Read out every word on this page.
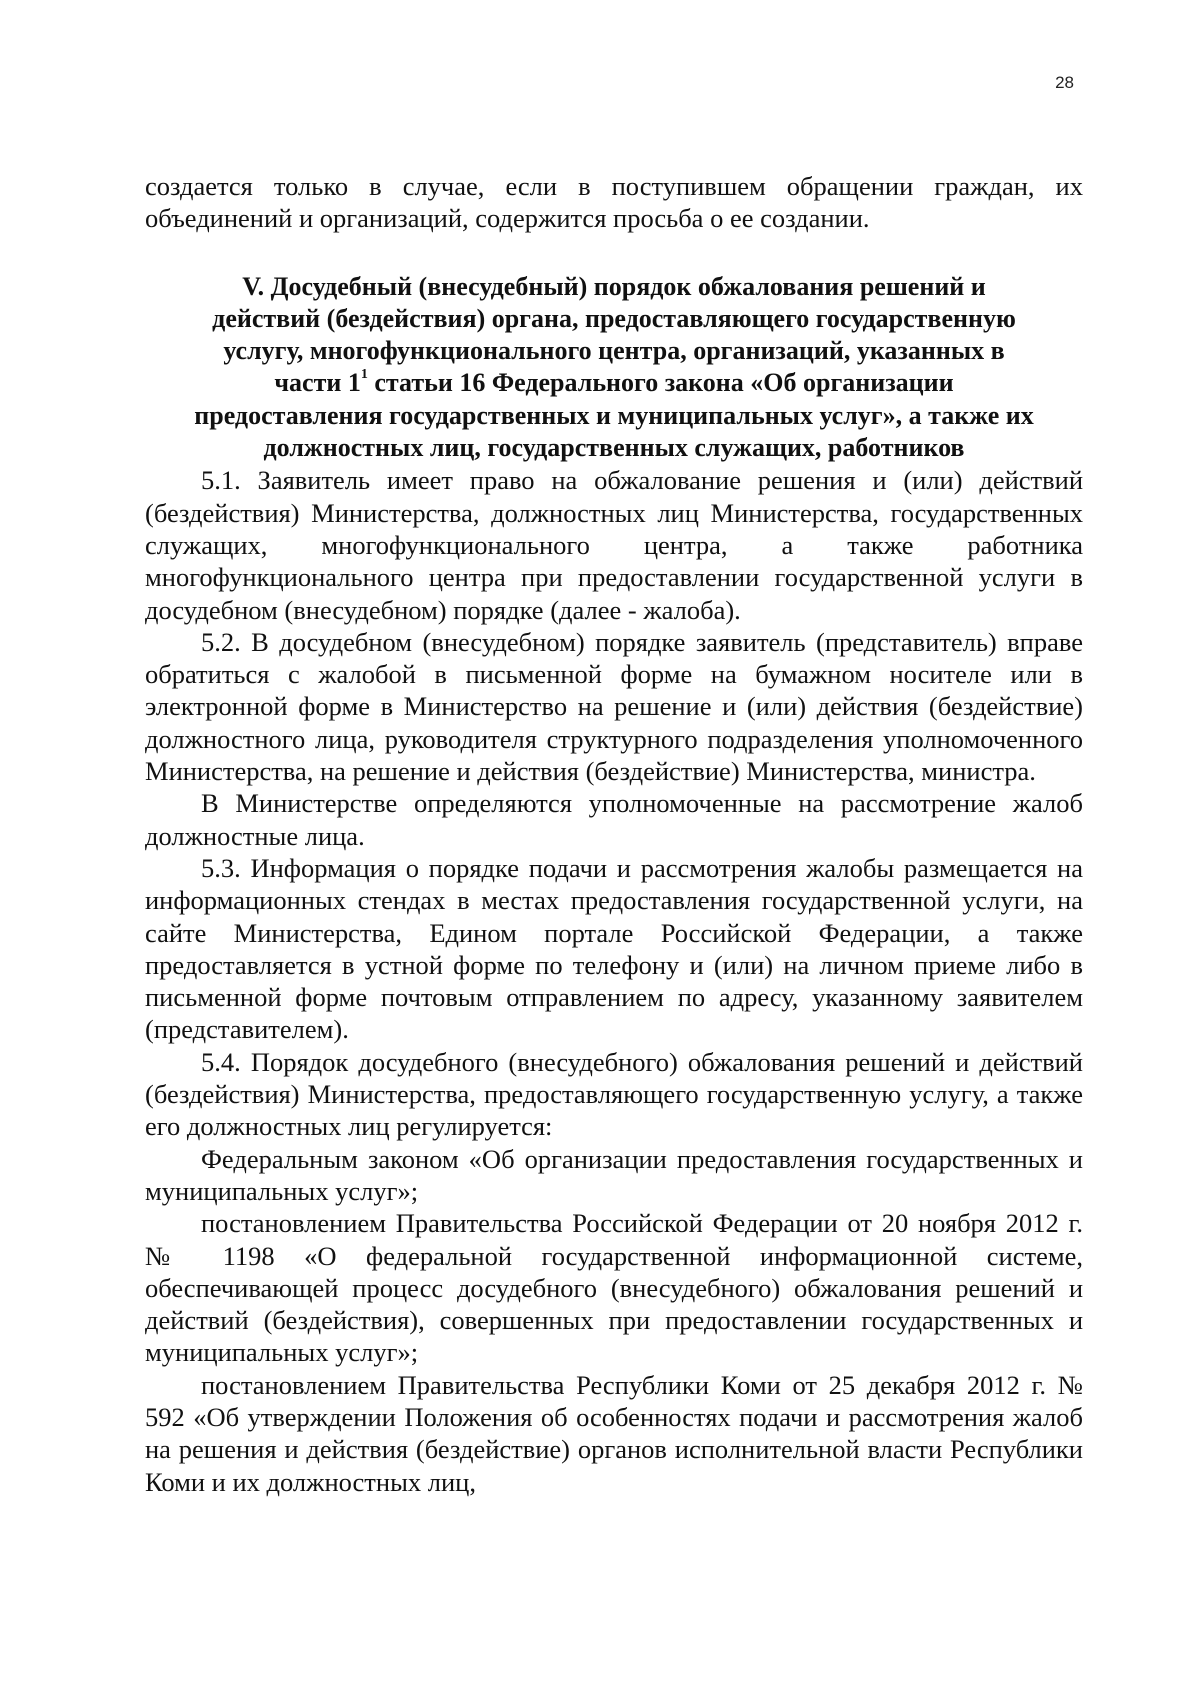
28

создается только в случае, если в поступившем обращении граждан, их объединений и организаций, содержится просьба о ее создании.

V. Досудебный (внесудебный) порядок обжалования решений и
действий (бездействия) органа, предоставляющего государственную
услугу, многофункционального центра, организаций, указанных в
части $1^1$ статьи 16 Федерального закона «Об организации
предоставления государственных и муниципальных услуг», а также их
должностных лиц, государственных служащих, работников

5.1. Заявитель имеет право на обжалование решения и (или) действий (бездействия) Министерства, должностных лиц Министерства, государственных служащих, многофункционального центра, а также работника многофункционального центра при предоставлении государственной услуги в досудебном (внесудебном) порядке (далее - жалоба).

5.2. В досудебном (внесудебном) порядке заявитель (представитель) вправе обратиться с жалобой в письменной форме на бумажном носителе или в электронной форме в Министерство на решение и (или) действия (бездействие) должностного лица, руководителя структурного подразделения уполномоченного Министерства, на решение и действия (бездействие) Министерства, министра.

В Министерстве определяются уполномоченные на рассмотрение жалоб должностные лица.

5.3. Информация о порядке подачи и рассмотрения жалобы размещается на информационных стендах в местах предоставления государственной услуги, на сайте Министерства, Едином портале Российской Федерации, а также предоставляется в устной форме по телефону и (или) на личном приеме либо в письменной форме почтовым отправлением по адресу, указанному заявителем (представителем).

5.4. Порядок досудебного (внесудебного) обжалования решений и действий (бездействия) Министерства, предоставляющего государственную услугу, а также его должностных лиц регулируется:

Федеральным законом «Об организации предоставления государственных и муниципальных услуг»;

постановлением Правительства Российской Федерации от 20 ноября 2012 г. № 1198 «О федеральной государственной информационной системе, обеспечивающей процесс досудебного (внесудебного) обжалования решений и действий (бездействия), совершенных при предоставлении государственных и муниципальных услуг»;

постановлением Правительства Республики Коми от 25 декабря 2012 г. № 592 «Об утверждении Положения об особенностях подачи и рассмотрения жалоб на решения и действия (бездействие) органов исполнительной власти Республики Коми и их должностных лиц,
